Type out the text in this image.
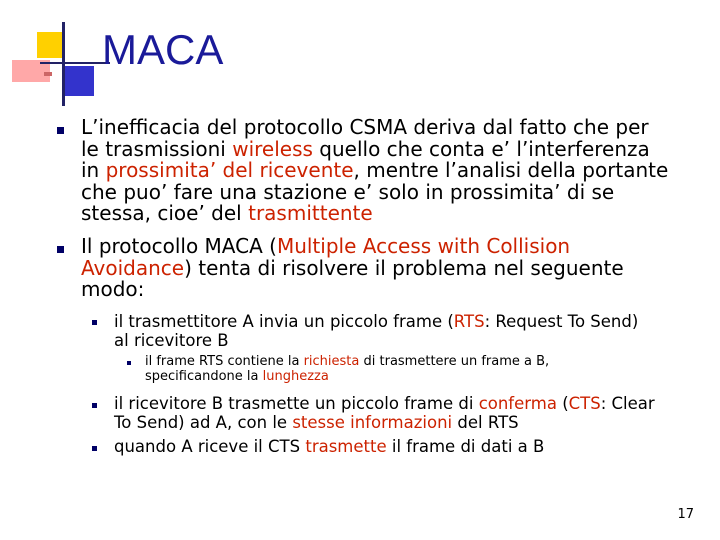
MACA
L’inefficacia del protocollo CSMA deriva dal fatto che per
le trasmissioni wireless quello che conta e’ l’interferenza
in prossimita’ del ricevente, mentre l’analisi della portante
che puo’ fare una stazione e’ solo in prossimita’ di se
stessa, cioe’ del trasmittente
Il protocollo MACA (Multiple Access with Collision
Avoidance) tenta di risolvere il problema nel seguente
modo:
il trasmettitore A invia un piccolo frame (RTS: Request To Send)
al ricevitore B
il frame RTS contiene la richiesta di trasmettere un frame a B,
specificandone la lunghezza
il ricevitore B trasmette un piccolo frame di conferma (CTS: Clear
To Send) ad A, con le stesse informazioni del RTS
quando A riceve il CTS trasmette il frame di dati a B
17
